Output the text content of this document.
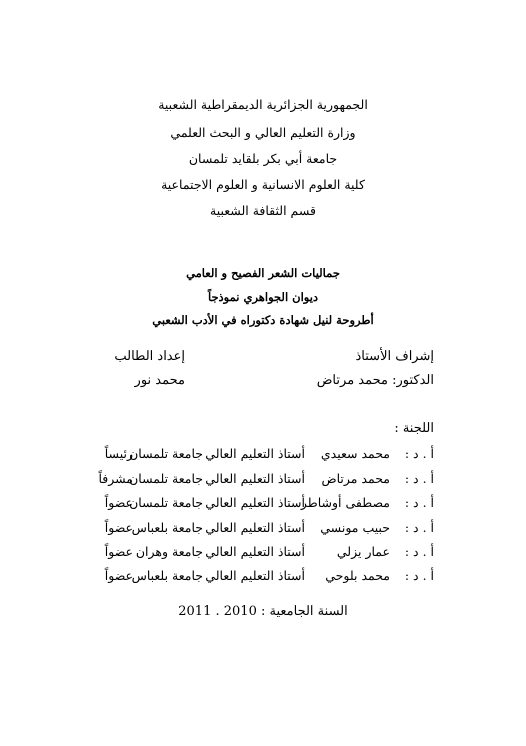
الجمهورية الجزائرية الديمقراطية الشعبية
وزارة التعليم العالي و البحث العلمي
جامعة أبي بكر بلقايد تلمسان
كلية العلوم الانسانية و العلوم الاجتماعية
قسم الثقافة الشعبية
جماليات الشعر الفصيح و العامي
ديوان الجواهري نموذجاً
أطروحة لنيل شهادة دكتوراه في الأدب الشعبي
إشراف الأستاذ
إعداد الطالب
الدكتور: محمد مرتاض
محمد نور
اللجنة :
أ . د :
محمد سعيدي
أستاذ التعليم العالي
جامعة تلمسان
رئيساً
أ . د :
محمد مرتاض
أستاذ التعليم العالي
جامعة تلمسان
مشرفاً
أ . د :
مصطفى أوشاطر
أستاذ التعليم العالي
جامعة تلمسان
عضواً
أ . د :
حبيب مونسي
أستاذ التعليم العالي
جامعة بلعباس
عضواً
أ . د :
عمار يزلي
أستاذ التعليم العالي
جامعة وهران
عضواً
أ . د :
محمد بلوحي
أستاذ التعليم العالي
جامعة بلعباس
عضواً
السنة الجامعية : 2010 . 2011
